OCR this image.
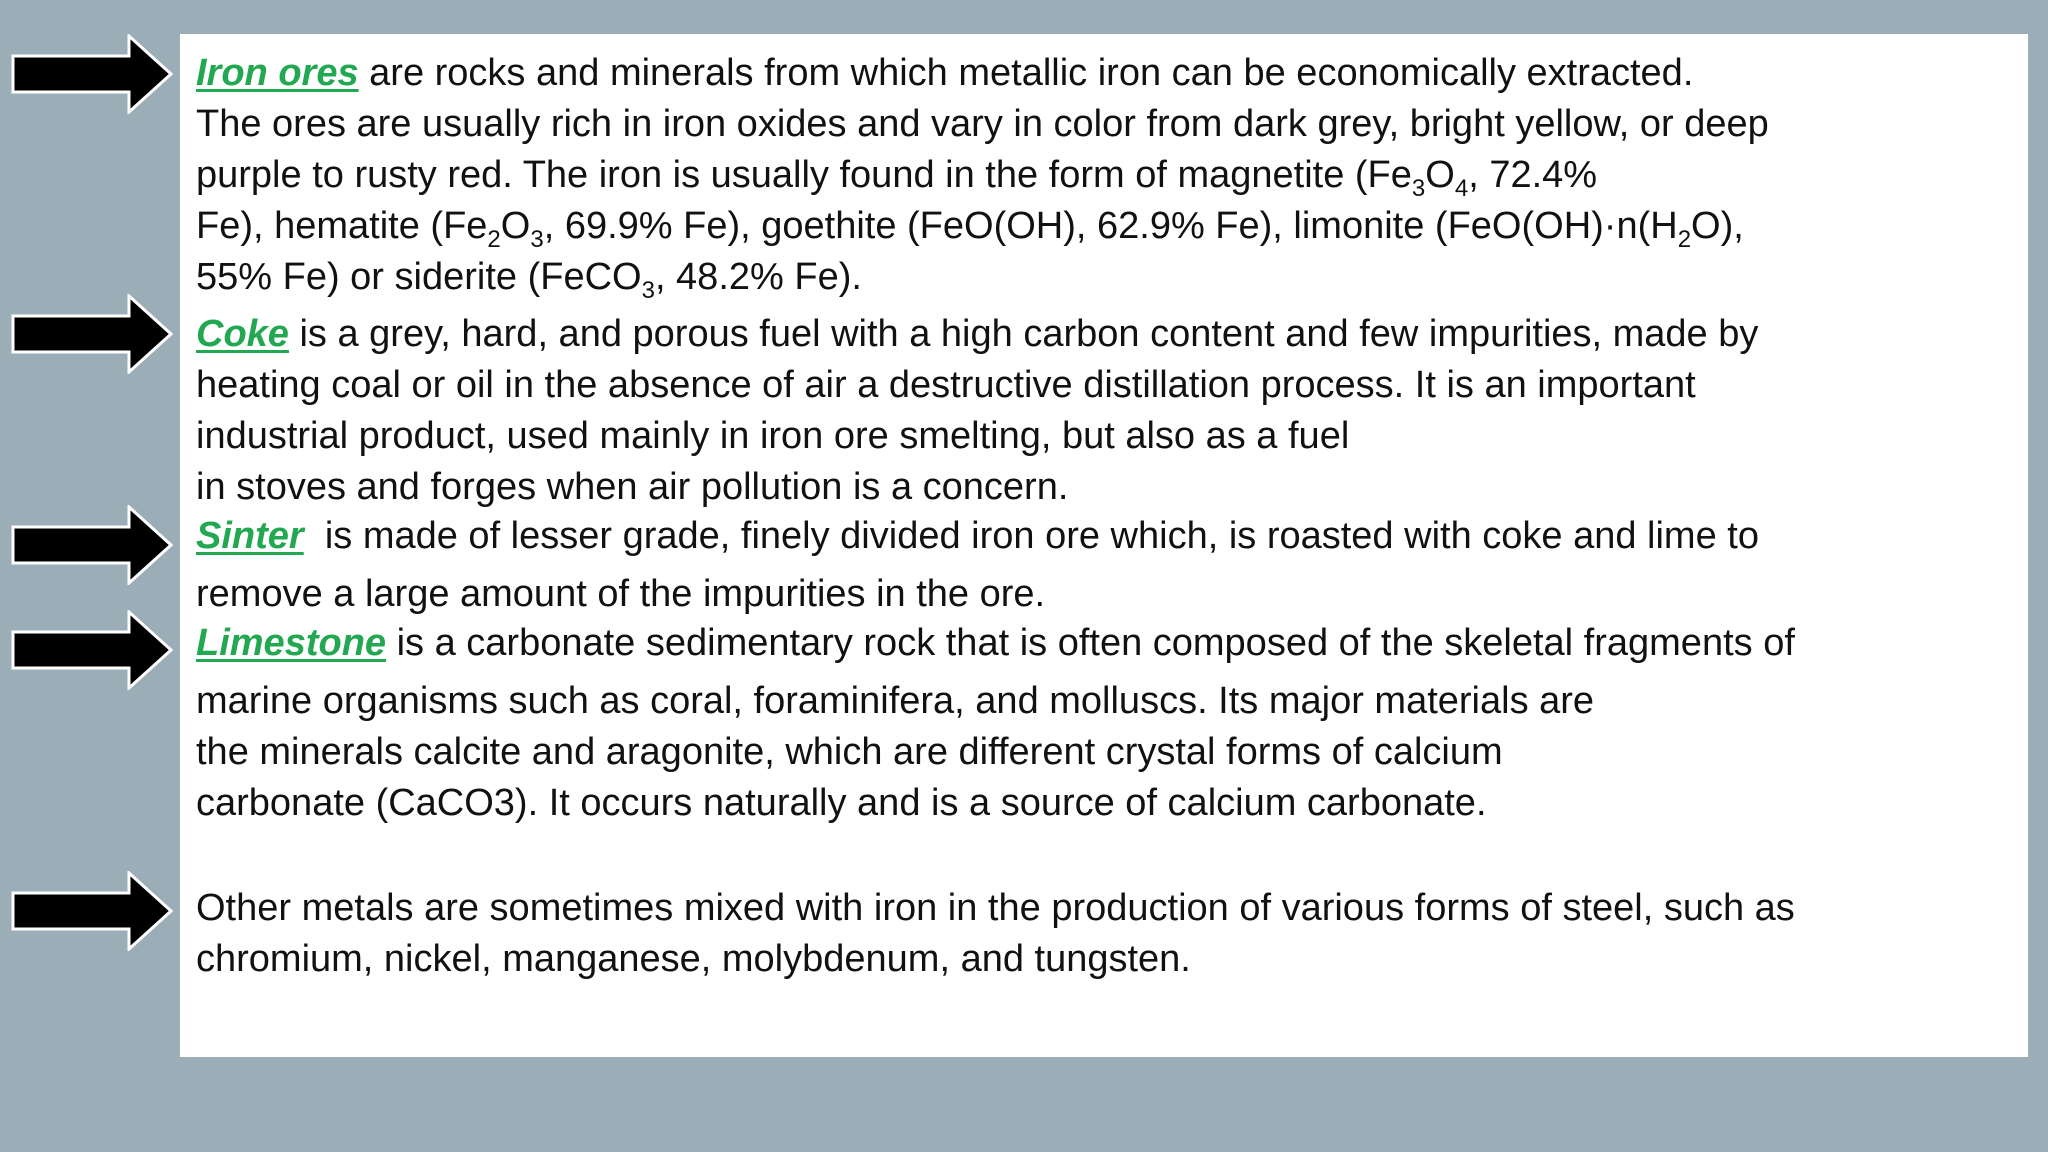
Iron ores are rocks and minerals from which metallic iron can be economically extracted.
The ores are usually rich in iron oxides and vary in color from dark grey, bright yellow, or deep
purple to rusty red. The iron is usually found in the form of magnetite ($Fe_3O_4$, 72.4%
Fe), hematite ($Fe_2O_3$, 69.9% Fe), goethite (FeO(OH), 62.9% Fe), limonite ($FeO(OH)\cdot n(H_2O)$,
55% Fe) or siderite (FeCO$_3$, 48.2% Fe).
Coke is a grey, hard, and porous fuel with a high carbon content and few impurities, made by
heating coal or oil in the absence of air a destructive distillation process. It is an important
industrial product, used mainly in iron ore smelting, but also as a fuel
in stoves and forges when air pollution is a concern.
Sinter  is made of lesser grade, finely divided iron ore which, is roasted with coke and lime to
remove a large amount of the impurities in the ore.
Limestone is a carbonate sedimentary rock that is often composed of the skeletal fragments of
marine organisms such as coral, foraminifera, and molluscs. Its major materials are
the minerals calcite and aragonite, which are different crystal forms of calcium
carbonate (CaCO3). It occurs naturally and is a source of calcium carbonate.
Other metals are sometimes mixed with iron in the production of various forms of steel, such as
chromium, nickel, manganese, molybdenum, and tungsten.
